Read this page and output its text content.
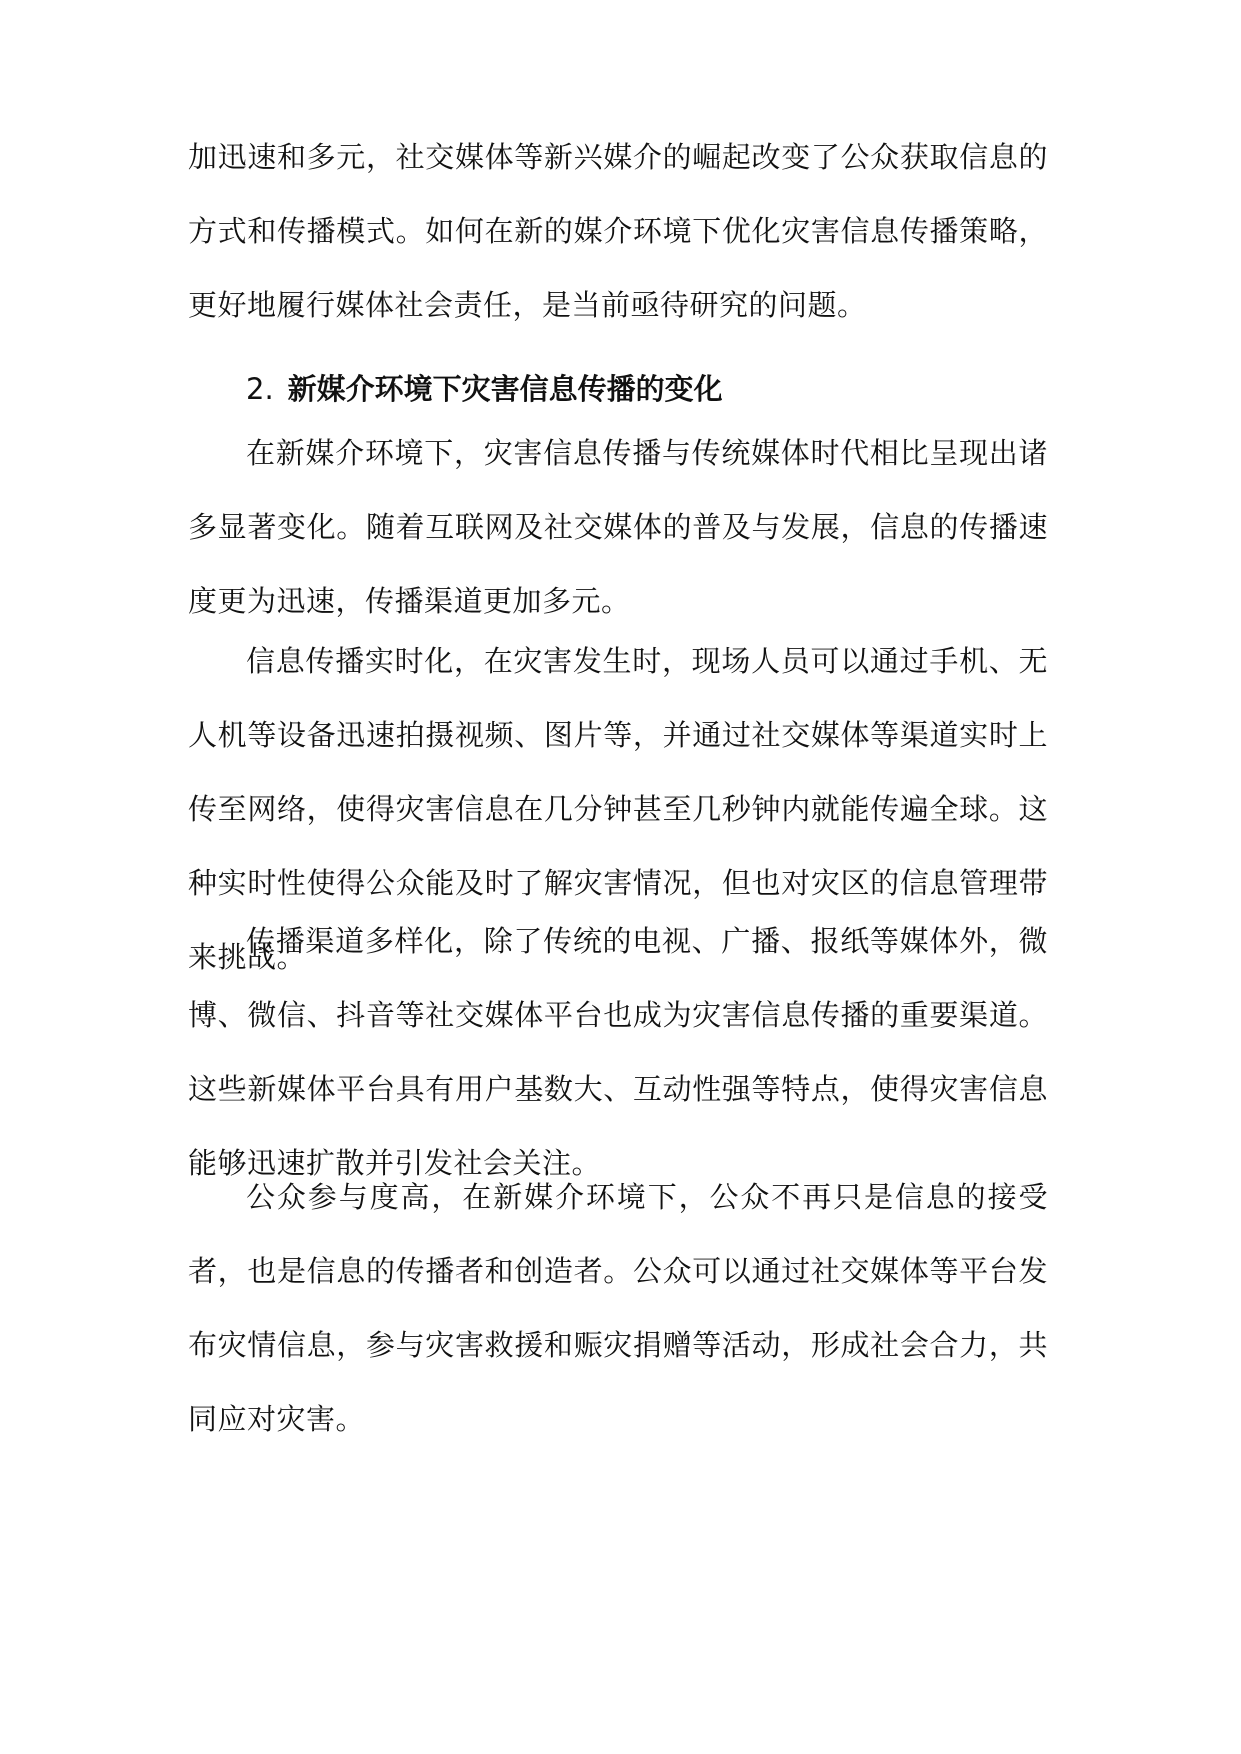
加迅速和多元，社交媒体等新兴媒介的崛起改变了公众获取信息的方式和传播模式。如何在新的媒介环境下优化灾害信息传播策略，更好地履行媒体社会责任，是当前亟待研究的问题。

2. 新媒介环境下灾害信息传播的变化

在新媒介环境下，灾害信息传播与传统媒体时代相比呈现出诸多显著变化。随着互联网及社交媒体的普及与发展，信息的传播速度更为迅速，传播渠道更加多元。

信息传播实时化，在灾害发生时，现场人员可以通过手机、无人机等设备迅速拍摄视频、图片等，并通过社交媒体等渠道实时上传至网络，使得灾害信息在几分钟甚至几秒钟内就能传遍全球。这种实时性使得公众能及时了解灾害情况，但也对灾区的信息管理带来挑战。

传播渠道多样化，除了传统的电视、广播、报纸等媒体外，微博、微信、抖音等社交媒体平台也成为灾害信息传播的重要渠道。这些新媒体平台具有用户基数大、互动性强等特点，使得灾害信息能够迅速扩散并引发社会关注。

公众参与度高，在新媒介环境下，公众不再只是信息的接受者，也是信息的传播者和创造者。公众可以通过社交媒体等平台发布灾情信息，参与灾害救援和赈灾捐赠等活动，形成社会合力，共同应对灾害。
